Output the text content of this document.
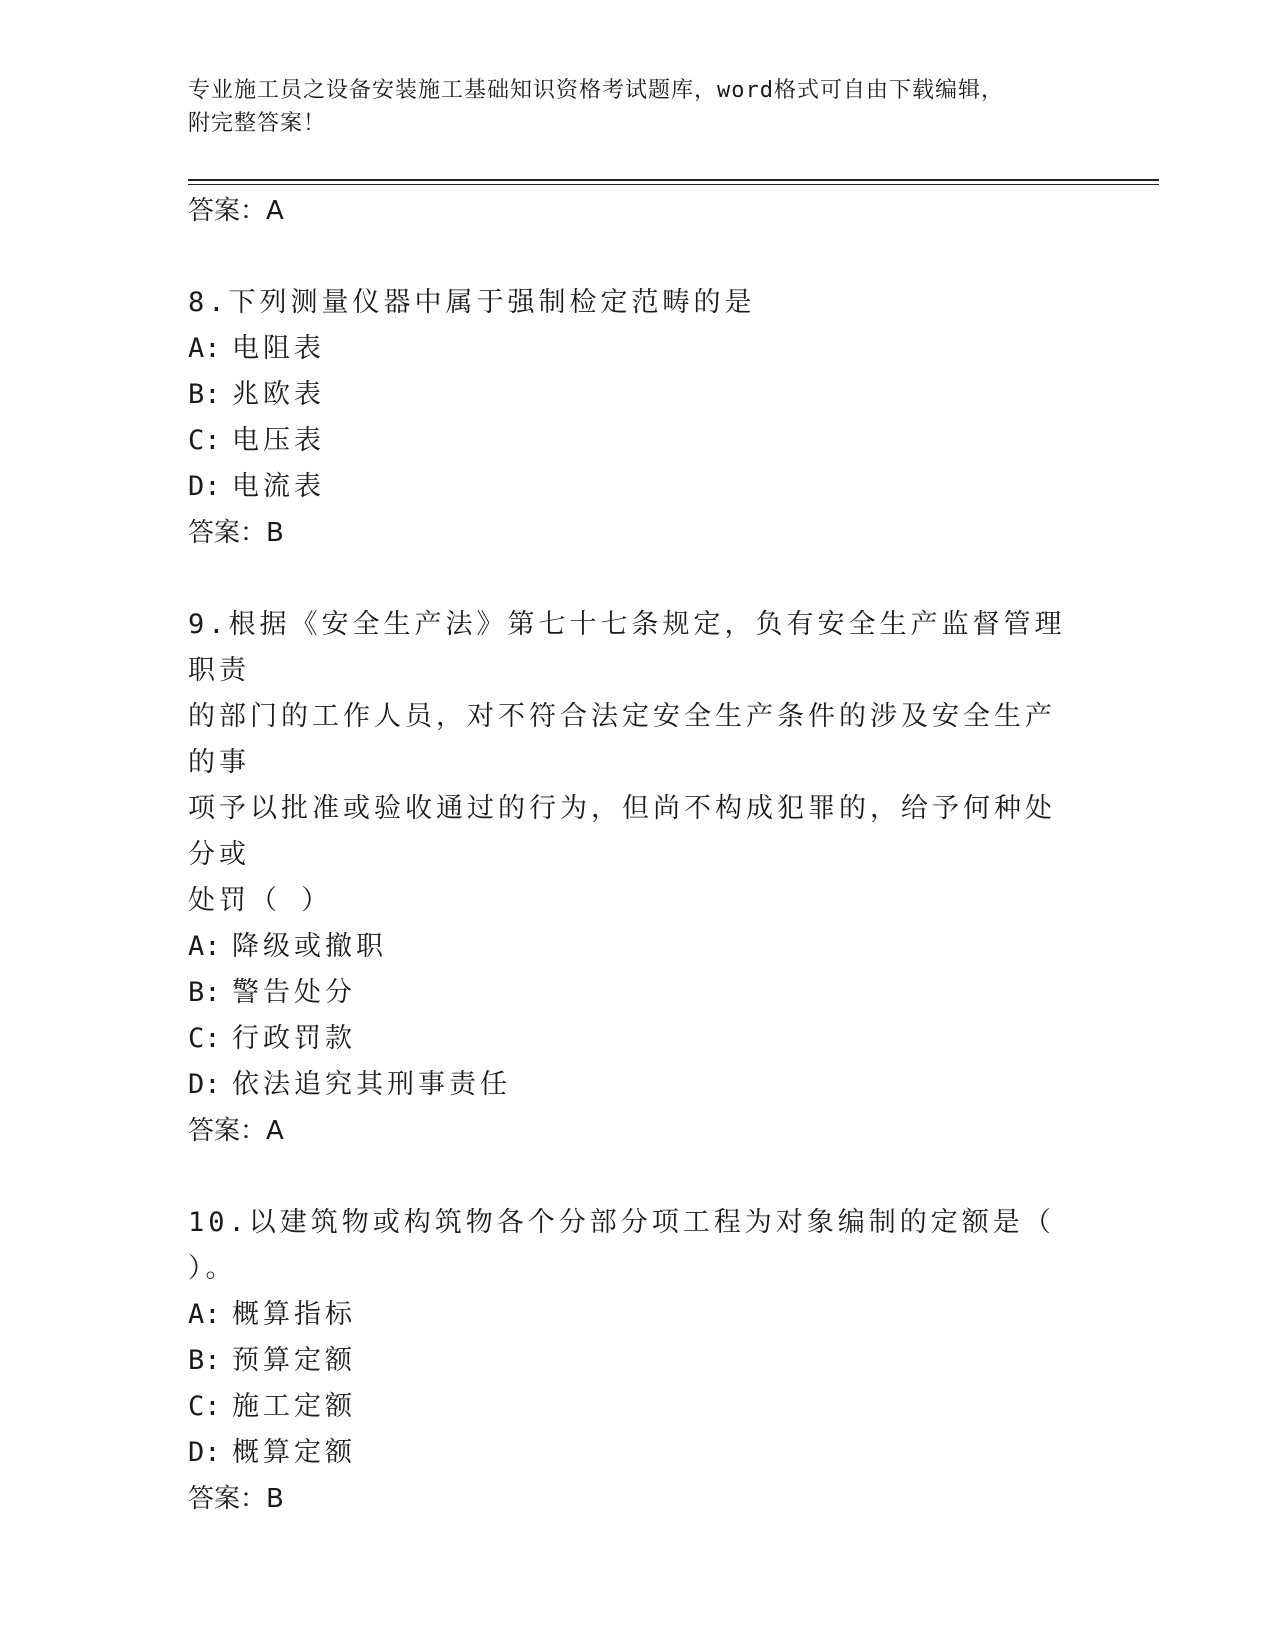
专业施工员之设备安装施工基础知识资格考试题库，word格式可自由下载编辑，
附完整答案！
答案：A
8.下列测量仪器中属于强制检定范畴的是
A: 电阻表
B: 兆欧表
C: 电压表
D: 电流表
答案：B
9.根据《安全生产法》第七十七条规定，负有安全生产监督管理职责
的部门的工作人员，对不符合法定安全生产条件的涉及安全生产的事
项予以批准或验收通过的行为，但尚不构成犯罪的，给予何种处分或
处罚（ ）
A: 降级或撤职
B: 警告处分
C: 行政罚款
D: 依法追究其刑事责任
答案：A
10.以建筑物或构筑物各个分部分项工程为对象编制的定额是（ ）。
A: 概算指标
B: 预算定额
C: 施工定额
D: 概算定额
答案：B
